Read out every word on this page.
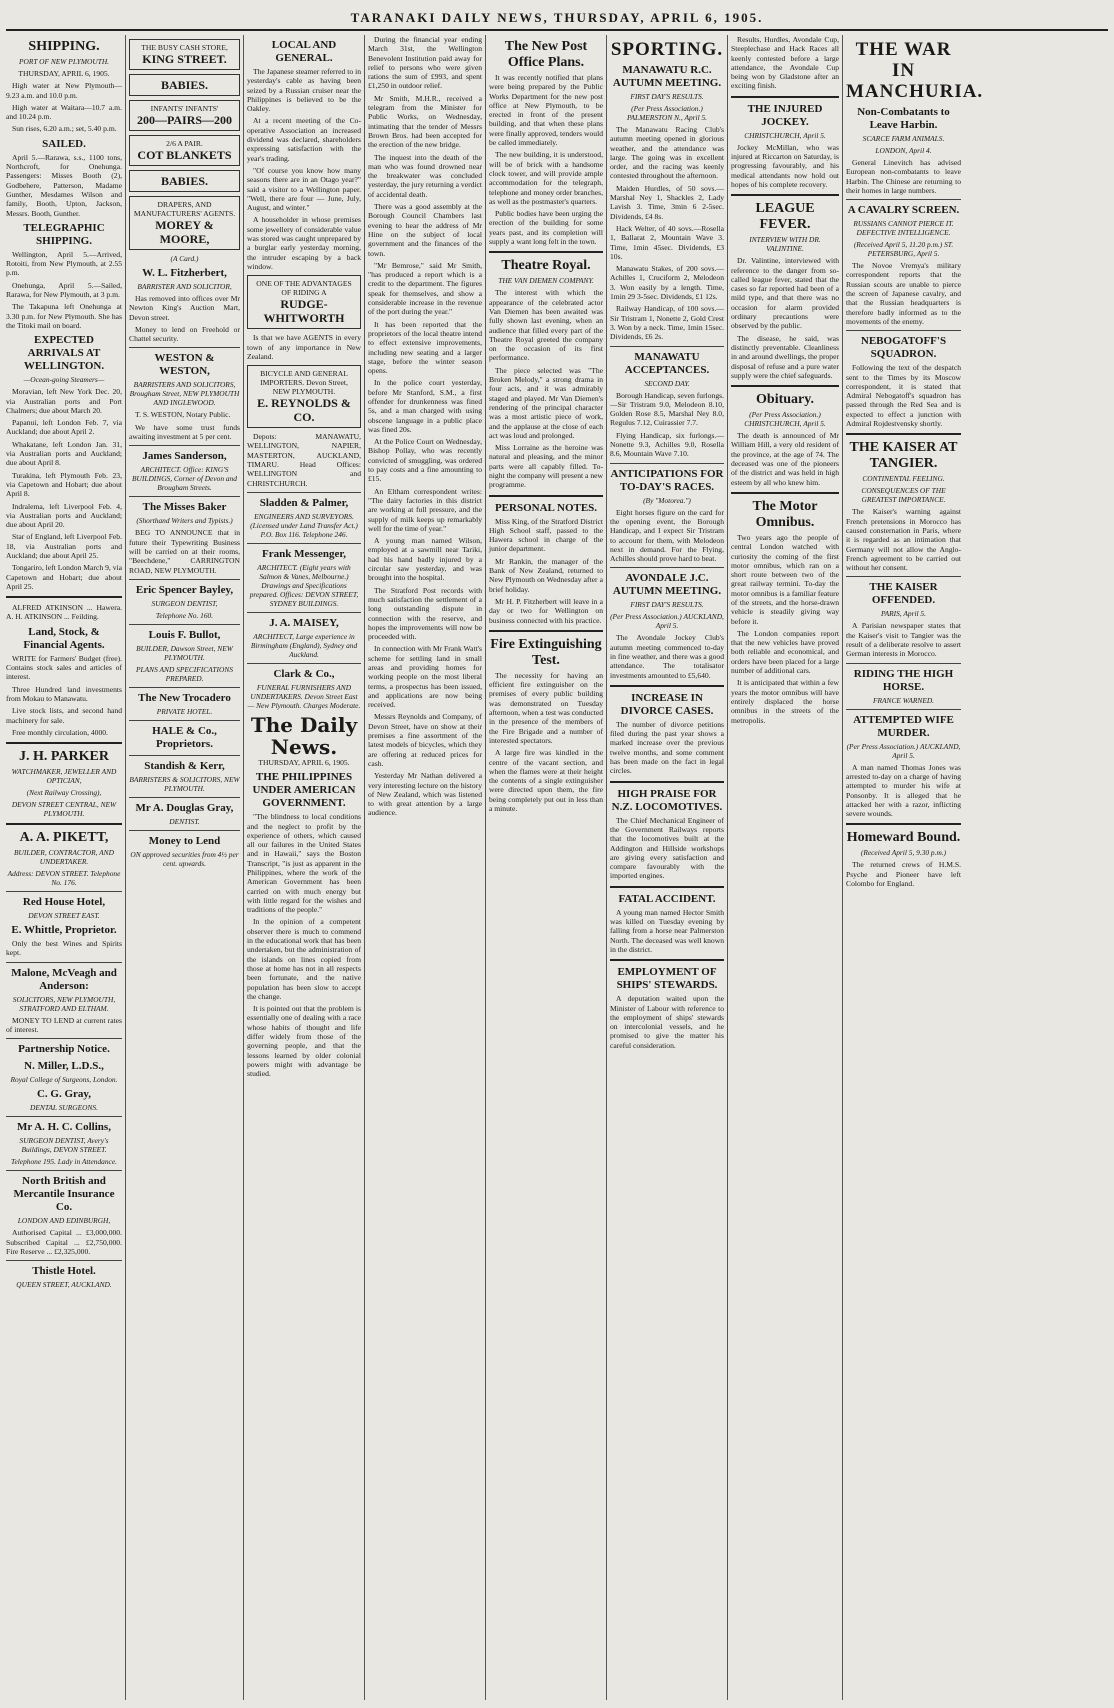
TARANAKI DAILY NEWS, THURSDAY, APRIL 6, 1905.
SHIPPING.
PORT OF NEW PLYMOUTH.
THURSDAY, APRIL 6, 1905.
High water at New Plymouth— 9.23 a.m. and 10.0 p.m.
High water at Waitara—10.7 a.m. and 10.24 p.m.
Sun rises, 6.20 a.m.; set, 5.40 p.m.
SAILED.
April 5.—Rarawa, s.s., 1100 tons, Northcroft, for Onehunga. Passengers: Misses Booth (2), Godbehere, Patterson, Madame Gunther, Mesdames Wilson and family, Booth, Upton, Jackson, Messrs. Booth, Gunther.
TELEGRAPHIC SHIPPING.
Wellington, April 5.—Arrived, Rotoiti, from New Plymouth, at 2.55 p.m.
Onehunga, April 5.—Sailed, Rarawa, for New Plymouth, at 3 p.m.
The Takapuna left Onehunga at 3.30 p.m. for New Plymouth. She has the Titoki mail on board.
EXPECTED ARRIVALS AT WELLINGTON.
—Ocean-going Steamers—
Moravian, left New York Dec. 20, via Australian ports and Port Chalmers; due about March 20.
Papanui, left London Feb. 7, via Auckland; due about April 2.
Whakatane, left London Jan. 31, via Australian ports and Auckland; due about April 8.
Turakina, left Plymouth Feb. 23, via Capetown and Hobart; due about April 8.
Indralema, left Liverpool Feb. 4, via Australian ports and Auckland; due about April 20.
Star of England, left Liverpool Feb. 18, via Australian ports and Auckland; due about April 25.
Tongariro, left London March 9, via Capetown and Hobart; due about April 25.
ALFRED ATKINSON ... Hawera. A. H. ATKINSON ... Feilding.
Land, Stock, & Financial Agents.
WRITE for Farmers' Budget (free). Contains stock sales and articles of interest.
Three Hundred land investments from Mokau to Manawatu.
Live stock lists, and second hand machinery for sale.
Free monthly circulation, 4000.
J. H. PARKER
WATCHMAKER, JEWELLER AND OPTICIAN,
(Next Railway Crossing),
DEVON STREET CENTRAL, NEW PLYMOUTH.
A. A. PIKETT,
BUILDER, CONTRACTOR, AND UNDERTAKER.
Address: DEVON STREET. Telephone No. 176.
Red House Hotel,
DEVON STREET EAST.
E. Whittle, Proprietor.
Only the best Wines and Spirits kept.
Malone, McVeagh and Anderson:
SOLICITORS, NEW PLYMOUTH, STRATFORD AND ELTHAM.
MONEY TO LEND at current rates of interest.
Partnership Notice.
N. Miller, L.D.S.,
Royal College of Surgeons, London.
C. G. Gray,
DENTAL SURGEONS.
Mr A. H. C. Collins,
SURGEON DENTIST, Avery's Buildings, DEVON STREET.
Telephone 195. Lady in Attendance.
North British and Mercantile Insurance Co.
LONDON AND EDINBURGH,
Authorised Capital ... £3,000,000. Subscribed Capital ... £2,750,000. Fire Reserve ... £2,325,000.
Thistle Hotel.
QUEEN STREET, AUCKLAND.
THE BUSY CASH STORE,
KING STREET.
BABIES.
INFANTS' INFANTS'
200—PAIRS—200
2/6 A PAIR.
COT BLANKETS
BABIES.
DRAPERS, AND MANUFACTURERS' AGENTS.
MOREY & MOORE,
(A Card.)
W. L. Fitzherbert,
BARRISTER AND SOLICITOR,
Has removed into offices over Mr Newton King's Auction Mart, Devon street.
Money to lend on Freehold or Chattel security.
WESTON & WESTON,
BARRISTERS AND SOLICITORS, Brougham Street, NEW PLYMOUTH AND INGLEWOOD.
T. S. WESTON, Notary Public.
We have some trust funds awaiting investment at 5 per cent.
James Sanderson,
ARCHITECT. Office: KING'S BUILDINGS, Corner of Devon and Brougham Streets.
The Misses Baker
(Shorthand Writers and Typists.)
BEG TO ANNOUNCE that in future their Typewriting Business will be carried on at their rooms, "Beechdene," CARRINGTON ROAD, NEW PLYMOUTH.
Eric Spencer Bayley,
SURGEON DENTIST,
Telephone No. 160.
Louis F. Bullot,
BUILDER, Dawson Street, NEW PLYMOUTH.
PLANS AND SPECIFICATIONS PREPARED.
The New Trocadero
PRIVATE HOTEL.
HALE & Co., Proprietors.
Standish & Kerr,
BARRISTERS & SOLICITORS, NEW PLYMOUTH.
Mr A. Douglas Gray,
DENTIST.
Money to Lend
ON approved securities from 4½ per cent. upwards.
LOCAL AND GENERAL.
The Japanese steamer referred to in yesterday's cable as having been seized by a Russian cruiser near the Philippines is believed to be the Oakley.
At a recent meeting of the Co-operative Association an increased dividend was declared, shareholders expressing satisfaction with the year's trading.
"Of course you know how many seasons there are in an Otago year?" said a visitor to a Wellington paper. "Well, there are four — June, July, August, and winter."
A householder in whose premises some jewellery of considerable value was stored was caught unprepared by a burglar early yesterday morning, the intruder escaping by a back window.
ONE OF THE ADVANTAGES OF RIDING A
RUDGE-WHITWORTH
Is that we have AGENTS in every town of any importance in New Zealand.
BICYCLE AND GENERAL IMPORTERS. Devon Street, NEW PLYMOUTH.
E. REYNOLDS & CO.
Depots: MANAWATU, WELLINGTON, NAPIER, MASTERTON, AUCKLAND, TIMARU. Head Offices: WELLINGTON and CHRISTCHURCH.
Sladden & Palmer,
ENGINEERS AND SURVEYORS. (Licensed under Land Transfer Act.) P.O. Box 116. Telephone 246.
Frank Messenger,
ARCHITECT. (Eight years with Salmon & Vanes, Melbourne.) Drawings and Specifications prepared. Offices: DEVON STREET, SYDNEY BUILDINGS.
J. A. MAISEY,
ARCHITECT, Large experience in Birmingham (England), Sydney and Auckland.
Clark & Co.,
FUNERAL FURNISHERS AND UNDERTAKERS. Devon Street East — New Plymouth. Charges Moderate.
The Daily News.
THURSDAY, APRIL 6, 1905.
THE PHILIPPINES UNDER AMERICAN GOVERNMENT.
"The blindness to local conditions and the neglect to profit by the experience of others, which caused all our failures in the United States and in Hawaii," says the Boston Transcript, "is just as apparent in the Philippines, where the work of the American Government has been carried on with much energy but with little regard for the wishes and traditions of the people."
In the opinion of a competent observer there is much to commend in the educational work that has been undertaken, but the administration of the islands on lines copied from those at home has not in all respects been fortunate, and the native population has been slow to accept the change.
It is pointed out that the problem is essentially one of dealing with a race whose habits of thought and life differ widely from those of the governing people, and that the lessons learned by older colonial powers might with advantage be studied.
During the financial year ending March 31st, the Wellington Benevolent Institution paid away for relief to persons who were given rations the sum of £993, and spent £1,250 in outdoor relief.
Mr Smith, M.H.R., received a telegram from the Minister for Public Works, on Wednesday, intimating that the tender of Messrs Brown Bros. had been accepted for the erection of the new bridge.
The inquest into the death of the man who was found drowned near the breakwater was concluded yesterday, the jury returning a verdict of accidental death.
There was a good assembly at the Borough Council Chambers last evening to hear the address of Mr Hine on the subject of local government and the finances of the town.
"Mr Bemrose," said Mr Smith, "has produced a report which is a credit to the department. The figures speak for themselves, and show a considerable increase in the revenue of the port during the year."
It has been reported that the proprietors of the local theatre intend to effect extensive improvements, including new seating and a larger stage, before the winter season opens.
In the police court yesterday, before Mr Stanford, S.M., a first offender for drunkenness was fined 5s, and a man charged with using obscene language in a public place was fined 20s.
At the Police Court on Wednesday, Bishop Pollay, who was recently convicted of smuggling, was ordered to pay costs and a fine amounting to £15.
An Eltham correspondent writes: "The dairy factories in this district are working at full pressure, and the supply of milk keeps up remarkably well for the time of year."
A young man named Wilson, employed at a sawmill near Tariki, had his hand badly injured by a circular saw yesterday, and was brought into the hospital.
The Stratford Post records with much satisfaction the settlement of a long outstanding dispute in connection with the reserve, and hopes the improvements will now be proceeded with.
In connection with Mr Frank Watt's scheme for settling land in small areas and providing homes for working people on the most liberal terms, a prospectus has been issued, and applications are now being received.
Messrs Reynolds and Company, of Devon Street, have on show at their premises a fine assortment of the latest models of bicycles, which they are offering at reduced prices for cash.
Yesterday Mr Nathan delivered a very interesting lecture on the history of New Zealand, which was listened to with great attention by a large audience.
The New Post Office Plans.
It was recently notified that plans were being prepared by the Public Works Department for the new post office at New Plymouth, to be erected in front of the present building, and that when these plans were finally approved, tenders would be called immediately.
The new building, it is understood, will be of brick with a handsome clock tower, and will provide ample accommodation for the telegraph, telephone and money order branches, as well as the postmaster's quarters.
Public bodies have been urging the erection of the building for some years past, and its completion will supply a want long felt in the town.
Theatre Royal.
THE VAN DIEMEN COMPANY.
The interest with which the appearance of the celebrated actor Van Diemen has been awaited was fully shown last evening, when an audience that filled every part of the Theatre Royal greeted the company on the occasion of its first performance.
The piece selected was "The Broken Melody," a strong drama in four acts, and it was admirably staged and played. Mr Van Diemen's rendering of the principal character was a most artistic piece of work, and the applause at the close of each act was loud and prolonged.
Miss Lorraine as the heroine was natural and pleasing, and the minor parts were all capably filled. To-night the company will present a new programme.
PERSONAL NOTES.
Miss King, of the Stratford District High School staff, passed to the Hawera school in charge of the junior department.
Mr Rankin, the manager of the Bank of New Zealand, returned to New Plymouth on Wednesday after a brief holiday.
Mr H. P. Fitzherbert will leave in a day or two for Wellington on business connected with his practice.
Fire Extinguishing Test.
The necessity for having an efficient fire extinguisher on the premises of every public building was demonstrated on Tuesday afternoon, when a test was conducted in the presence of the members of the Fire Brigade and a number of interested spectators.
A large fire was kindled in the centre of the vacant section, and when the flames were at their height the contents of a single extinguisher were directed upon them, the fire being completely put out in less than a minute.
SPORTING.
MANAWATU R.C. AUTUMN MEETING.
FIRST DAY'S RESULTS.
(Per Press Association.) PALMERSTON N., April 5.
The Manawatu Racing Club's autumn meeting opened in glorious weather, and the attendance was large. The going was in excellent order, and the racing was keenly contested throughout the afternoon.
Maiden Hurdles, of 50 sovs.—Marshal Ney 1, Shackles 2, Lady Lavish 3. Time, 3min 6 2-5sec. Dividends, £4 8s.
Hack Welter, of 40 sovs.—Rosella 1, Ballarat 2, Mountain Wave 3. Time, 1min 45sec. Dividends, £3 10s.
Manawatu Stakes, of 200 sovs.—Achilles 1, Cruciform 2, Melodeon 3. Won easily by a length. Time, 1min 29 3-5sec. Dividends, £1 12s.
Railway Handicap, of 100 sovs.—Sir Tristram 1, Nonette 2, Gold Crest 3. Won by a neck. Time, 1min 15sec. Dividends, £6 2s.
MANAWATU ACCEPTANCES.
SECOND DAY.
Borough Handicap, seven furlongs.—Sir Tristram 9.0, Melodeon 8.10, Golden Rose 8.5, Marshal Ney 8.0, Regulus 7.12, Cuirassier 7.7.
Flying Handicap, six furlongs.—Nonette 9.3, Achilles 9.0, Rosella 8.6, Mountain Wave 7.10.
ANTICIPATIONS FOR TO-DAY'S RACES.
(By "Motorea.")
Eight horses figure on the card for the opening event, the Borough Handicap, and I expect Sir Tristram to account for them, with Melodeon next in demand. For the Flying, Achilles should prove hard to beat.
AVONDALE J.C. AUTUMN MEETING.
FIRST DAY'S RESULTS.
(Per Press Association.) AUCKLAND, April 5.
The Avondale Jockey Club's autumn meeting commenced to-day in fine weather, and there was a good attendance. The totalisator investments amounted to £5,640.
INCREASE IN DIVORCE CASES.
The number of divorce petitions filed during the past year shows a marked increase over the previous twelve months, and some comment has been made on the fact in legal circles.
HIGH PRAISE FOR N.Z. LOCOMOTIVES.
The Chief Mechanical Engineer of the Government Railways reports that the locomotives built at the Addington and Hillside workshops are giving every satisfaction and compare favourably with the imported engines.
FATAL ACCIDENT.
A young man named Hector Smith was killed on Tuesday evening by falling from a horse near Palmerston North. The deceased was well known in the district.
EMPLOYMENT OF SHIPS' STEWARDS.
A deputation waited upon the Minister of Labour with reference to the employment of ships' stewards on intercolonial vessels, and he promised to give the matter his careful consideration.
Results, Hurdles, Avondale Cup, Steeplechase and Hack Races all keenly contested before a large attendance, the Avondale Cup being won by Gladstone after an exciting finish.
THE INJURED JOCKEY.
CHRISTCHURCH, April 5.
Jockey McMillan, who was injured at Riccarton on Saturday, is progressing favourably, and his medical attendants now hold out hopes of his complete recovery.
LEAGUE FEVER.
INTERVIEW WITH DR. VALINTINE.
Dr. Valintine, interviewed with reference to the danger from so-called league fever, stated that the cases so far reported had been of a mild type, and that there was no occasion for alarm provided ordinary precautions were observed by the public.
The disease, he said, was distinctly preventable. Cleanliness in and around dwellings, the proper disposal of refuse and a pure water supply were the chief safeguards.
Obituary.
(Per Press Association.) CHRISTCHURCH, April 5.
The death is announced of Mr William Hill, a very old resident of the province, at the age of 74. The deceased was one of the pioneers of the district and was held in high esteem by all who knew him.
The Motor Omnibus.
Two years ago the people of central London watched with curiosity the coming of the first motor omnibus, which ran on a short route between two of the great railway termini. To-day the motor omnibus is a familiar feature of the streets, and the horse-drawn vehicle is steadily giving way before it.
The London companies report that the new vehicles have proved both reliable and economical, and orders have been placed for a large number of additional cars.
It is anticipated that within a few years the motor omnibus will have entirely displaced the horse omnibus in the streets of the metropolis.
THE WAR IN MANCHURIA.
Non-Combatants to Leave Harbin.
SCARCE FARM ANIMALS.
LONDON, April 4.
General Linevitch has advised European non-combatants to leave Harbin. The Chinese are returning to their homes in large numbers.
A CAVALRY SCREEN.
RUSSIANS CANNOT PIERCE IT. DEFECTIVE INTELLIGENCE.
(Received April 5, 11.20 p.m.) ST. PETERSBURG, April 5.
The Novoe Vremya's military correspondent reports that the Russian scouts are unable to pierce the screen of Japanese cavalry, and that the Russian headquarters is therefore badly informed as to the movements of the enemy.
NEBOGATOFF'S SQUADRON.
Following the text of the despatch sent to the Times by its Moscow correspondent, it is stated that Admiral Nebogatoff's squadron has passed through the Red Sea and is expected to effect a junction with Admiral Rojdestvensky shortly.
THE KAISER AT TANGIER.
CONTINENTAL FEELING.
CONSEQUENCES OF THE GREATEST IMPORTANCE.
The Kaiser's warning against French pretensions in Morocco has caused consternation in Paris, where it is regarded as an intimation that Germany will not allow the Anglo-French agreement to be carried out without her consent.
THE KAISER OFFENDED.
PARIS, April 5.
A Parisian newspaper states that the Kaiser's visit to Tangier was the result of a deliberate resolve to assert German interests in Morocco.
RIDING THE HIGH HORSE.
FRANCE WARNED.
ATTEMPTED WIFE MURDER.
(Per Press Association.) AUCKLAND, April 5.
A man named Thomas Jones was arrested to-day on a charge of having attempted to murder his wife at Ponsonby. It is alleged that he attacked her with a razor, inflicting severe wounds.
Homeward Bound.
(Received April 5, 9.30 p.m.)
The returned crews of H.M.S. Psyche and Pioneer have left Colombo for England.
